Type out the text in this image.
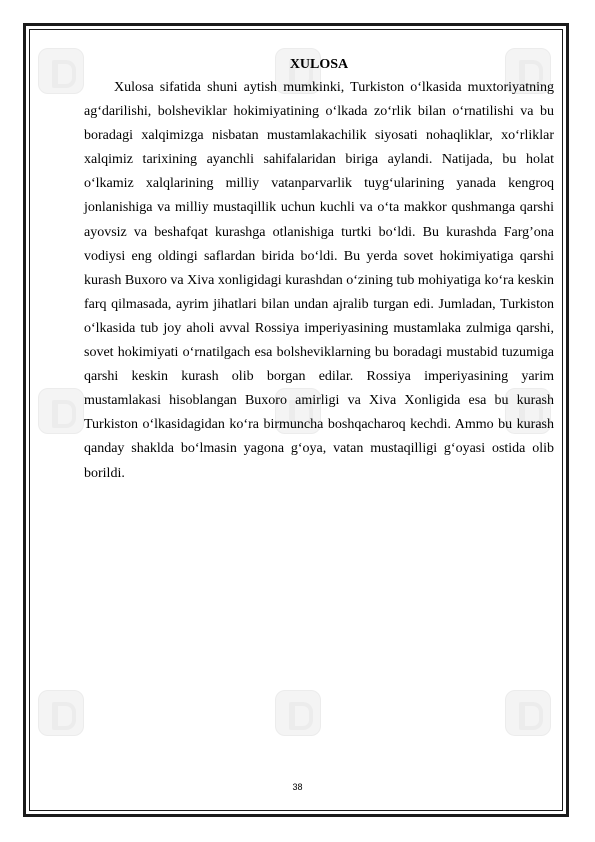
XULOSA

Xulosa sifatida shuni aytish mumkinki, Turkiston o‘lkasida muxtoriyatning ag‘darilishi, bolsheviklar hokimiyatining o‘lkada zo‘rlik bilan o‘rnatilishi va bu boradagi xalqimizga nisbatan mustamlakachilik siyosati nohaqliklar, xo‘rliklar xalqimiz tarixining ayanchli sahifalaridan biriga aylandi. Natijada, bu holat o‘lkamiz xalqlarining milliy vatanparvarlik tuyg‘ularining yanada kengroq jonlanishiga va milliy mustaqillik uchun kuchli va o‘ta makkor qushmanga qarshi ayovsiz va beshafqat kurashga otlanishiga turtki bo‘ldi. Bu kurashda Farg’ona vodiysi eng oldingi saflardan birida bo‘ldi. Bu yerda sovet hokimiyatiga qarshi kurash Buxoro va Xiva xonligidagi kurashdan o‘zining tub mohiyatiga ko‘ra keskin farq qilmasada, ayrim jihatlari bilan undan ajralib turgan edi. Jumladan, Turkiston o‘lkasida tub joy aholi avval Rossiya imperiyasining mustamlaka zulmiga qarshi, sovet hokimiyati o‘rnatilgach esa bolsheviklarning bu boradagi mustabid tuzumiga qarshi keskin kurash olib borgan edilar. Rossiya imperiyasining yarim mustamlakasi hisoblangan Buxoro amirligi va Xiva Xonligida esa bu kurash Turkiston o‘lkasidagidan ko‘ra birmuncha boshqacharoq kechdi. Ammo bu kurash qanday shaklda bo‘lmasin yagona g‘oya, vatan mustaqilligi g‘oyasi ostida olib borildi.

38
